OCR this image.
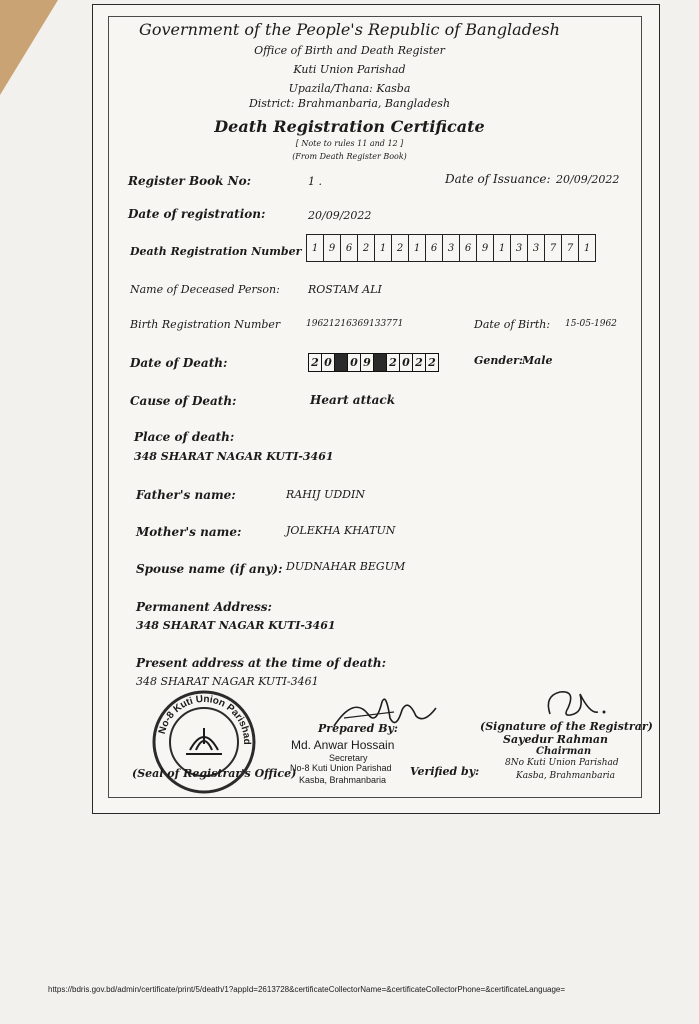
Government of the People's Republic of Bangladesh
Office of Birth and Death Register
Kuti Union Parishad
Upazila/Thana: Kasba
District: Brahmanbaria, Bangladesh
Death Registration Certificate
[ Note to rules 11 and 12 ]
(From Death Register Book)
Register Book No:	1 .	Date of Issuance: 20/09/2022
Date of registration:	20/09/2022
Death Registration Number	1	9	6	2	1	2	1	6	3	6	9	1	3	3	7	7	1
Name of Deceased Person:	ROSTAM ALI
Birth Registration Number	19621216369133771	Date of Birth: 15-05-1962
Date of Death:	2 0 0 9 2 0 2 2	Gender: Male
Cause of Death:	Heart attack
Place of death:
348 SHARAT NAGAR KUTI-3461
Father's name:	RAHIJ UDDIN
Mother's name:	JOLEKHA KHATUN
Spouse name (if any): DUDNAHAR BEGUM
Permanent Address:
348 SHARAT NAGAR KUTI-3461
Present address at the time of death:
348 SHARAT NAGAR KUTI-3461
No-8 Kuti Union Parishad
(Seal of Registrar's Office)
Prepared By:
Md. Anwar Hossain
Secretary
No-8 Kuti Union Parishad
Kasba, Brahmanbaria
Verified by:
(Signature of the Registrar)
Sayedur Rahman
Chairman
8No Kuti Union Parishad
Kasba, Brahmanbaria
https://bdris.gov.bd/admin/certificate/print/5/death/1?appId=2613728&certificateCollectorName=&certificateCollectorPhone=&certificateLanguage=
